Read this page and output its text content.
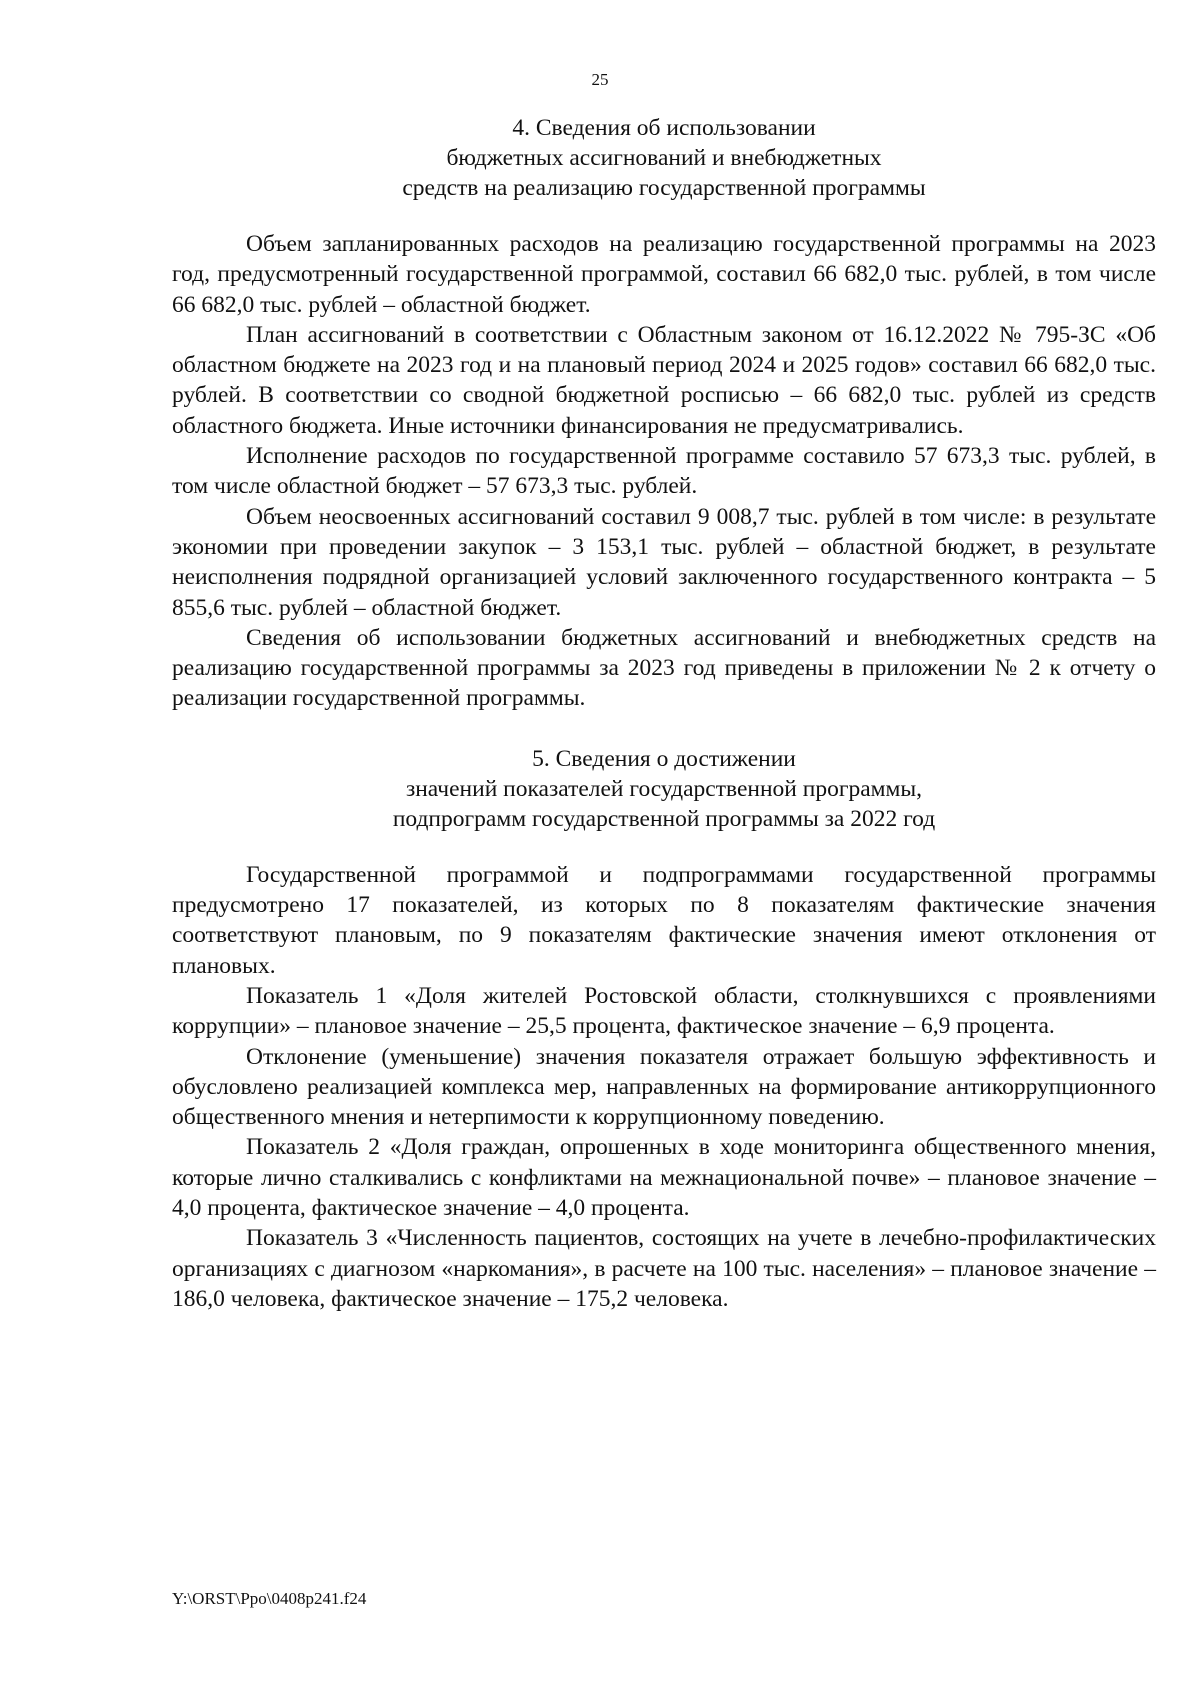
25
4. Сведения об использовании
бюджетных ассигнований и внебюджетных
средств на реализацию государственной программы

Объем запланированных расходов на реализацию государственной программы на 2023 год, предусмотренный государственной программой, составил 66 682,0 тыс. рублей, в том числе 66 682,0 тыс. рублей – областной бюджет.

План ассигнований в соответствии с Областным законом от 16.12.2022 № 795-ЗС «Об областном бюджете на 2023 год и на плановый период 2024 и 2025 годов» составил 66 682,0 тыс. рублей. В соответствии со сводной бюджетной росписью – 66 682,0 тыс. рублей из средств областного бюджета. Иные источники финансирования не предусматривались.

Исполнение расходов по государственной программе составило 57 673,3 тыс. рублей, в том числе областной бюджет – 57 673,3 тыс. рублей.

Объем неосвоенных ассигнований составил 9 008,7 тыс. рублей в том числе: в результате экономии при проведении закупок – 3 153,1 тыс. рублей – областной бюджет, в результате неисполнения подрядной организацией условий заключенного государственного контракта – 5 855,6 тыс. рублей – областной бюджет.

Сведения об использовании бюджетных ассигнований и внебюджетных средств на реализацию государственной программы за 2023 год приведены в приложении № 2 к отчету о реализации государственной программы.

5. Сведения о достижении
значений показателей государственной программы,
подпрограмм государственной программы за 2022 год

Государственной программой и подпрограммами государственной программы предусмотрено 17 показателей, из которых по 8 показателям фактические значения соответствуют плановым, по 9 показателям фактические значения имеют отклонения от плановых.

Показатель 1 «Доля жителей Ростовской области, столкнувшихся с проявлениями коррупции» – плановое значение – 25,5 процента, фактическое значение – 6,9 процента.

Отклонение (уменьшение) значения показателя отражает большую эффективность и обусловлено реализацией комплекса мер, направленных на формирование антикоррупционного общественного мнения и нетерпимости к коррупционному поведению.

Показатель 2 «Доля граждан, опрошенных в ходе мониторинга общественного мнения, которые лично сталкивались с конфликтами на межнациональной почве» – плановое значение – 4,0 процента, фактическое значение – 4,0 процента.

Показатель 3 «Численность пациентов, состоящих на учете в лечебно-профилактических организациях с диагнозом «наркомания», в расчете на 100 тыс. населения» – плановое значение – 186,0 человека, фактическое значение – 175,2 человека.

Y:\ORST\Ppo\0408p241.f24
